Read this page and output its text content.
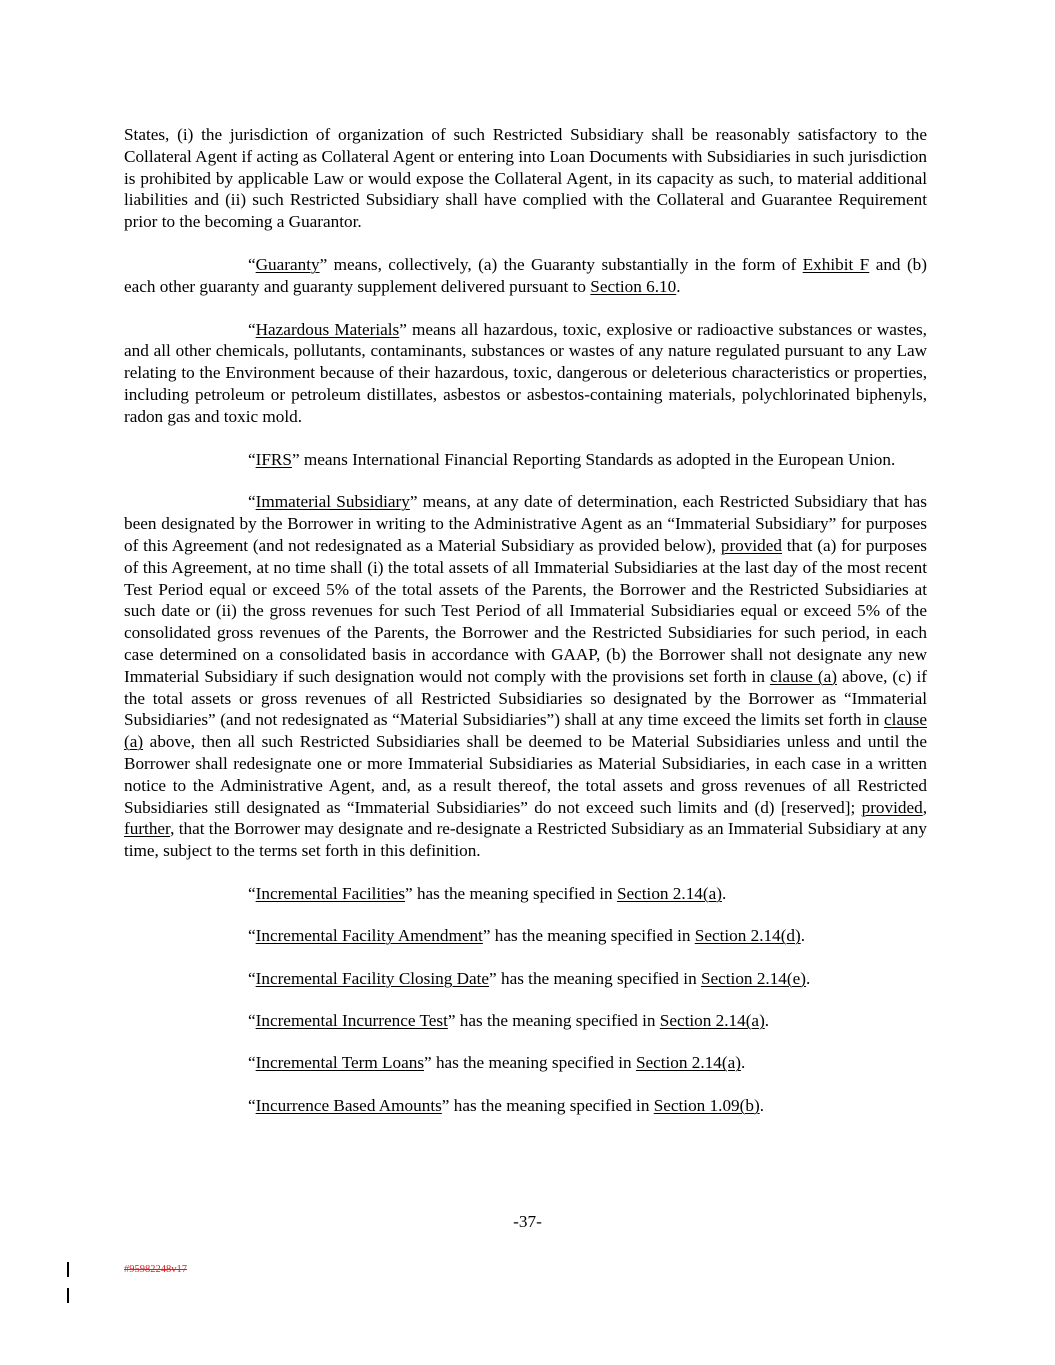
States, (i) the jurisdiction of organization of such Restricted Subsidiary shall be reasonably satisfactory to the Collateral Agent if acting as Collateral Agent or entering into Loan Documents with Subsidiaries in such jurisdiction is prohibited by applicable Law or would expose the Collateral Agent, in its capacity as such, to material additional liabilities and (ii) such Restricted Subsidiary shall have complied with the Collateral and Guarantee Requirement prior to the becoming a Guarantor.

“Guaranty” means, collectively, (a) the Guaranty substantially in the form of Exhibit F and (b) each other guaranty and guaranty supplement delivered pursuant to Section 6.10.

“Hazardous Materials” means all hazardous, toxic, explosive or radioactive substances or wastes, and all other chemicals, pollutants, contaminants, substances or wastes of any nature regulated pursuant to any Law relating to the Environment because of their hazardous, toxic, dangerous or deleterious characteristics or properties, including petroleum or petroleum distillates, asbestos or asbestos-containing materials, polychlorinated biphenyls, radon gas and toxic mold.

“IFRS” means International Financial Reporting Standards as adopted in the European Union.

“Immaterial Subsidiary” means, at any date of determination, each Restricted Subsidiary that has been designated by the Borrower in writing to the Administrative Agent as an “Immaterial Subsidiary” for purposes of this Agreement (and not redesignated as a Material Subsidiary as provided below), provided that (a) for purposes of this Agreement, at no time shall (i) the total assets of all Immaterial Subsidiaries at the last day of the most recent Test Period equal or exceed 5% of the total assets of the Parents, the Borrower and the Restricted Subsidiaries at such date or (ii) the gross revenues for such Test Period of all Immaterial Subsidiaries equal or exceed 5% of the consolidated gross revenues of the Parents, the Borrower and the Restricted Subsidiaries for such period, in each case determined on a consolidated basis in accordance with GAAP, (b) the Borrower shall not designate any new Immaterial Subsidiary if such designation would not comply with the provisions set forth in clause (a) above, (c) if the total assets or gross revenues of all Restricted Subsidiaries so designated by the Borrower as “Immaterial Subsidiaries” (and not redesignated as “Material Subsidiaries”) shall at any time exceed the limits set forth in clause (a) above, then all such Restricted Subsidiaries shall be deemed to be Material Subsidiaries unless and until the Borrower shall redesignate one or more Immaterial Subsidiaries as Material Subsidiaries, in each case in a written notice to the Administrative Agent, and, as a result thereof, the total assets and gross revenues of all Restricted Subsidiaries still designated as “Immaterial Subsidiaries” do not exceed such limits and (d) [reserved]; provided, further, that the Borrower may designate and re-designate a Restricted Subsidiary as an Immaterial Subsidiary at any time, subject to the terms set forth in this definition.

“Incremental Facilities” has the meaning specified in Section 2.14(a).
“Incremental Facility Amendment” has the meaning specified in Section 2.14(d).
“Incremental Facility Closing Date” has the meaning specified in Section 2.14(e).
“Incremental Incurrence Test” has the meaning specified in Section 2.14(a).
“Incremental Term Loans” has the meaning specified in Section 2.14(a).
“Incurrence Based Amounts” has the meaning specified in Section 1.09(b).
-37-
#95982248v17
